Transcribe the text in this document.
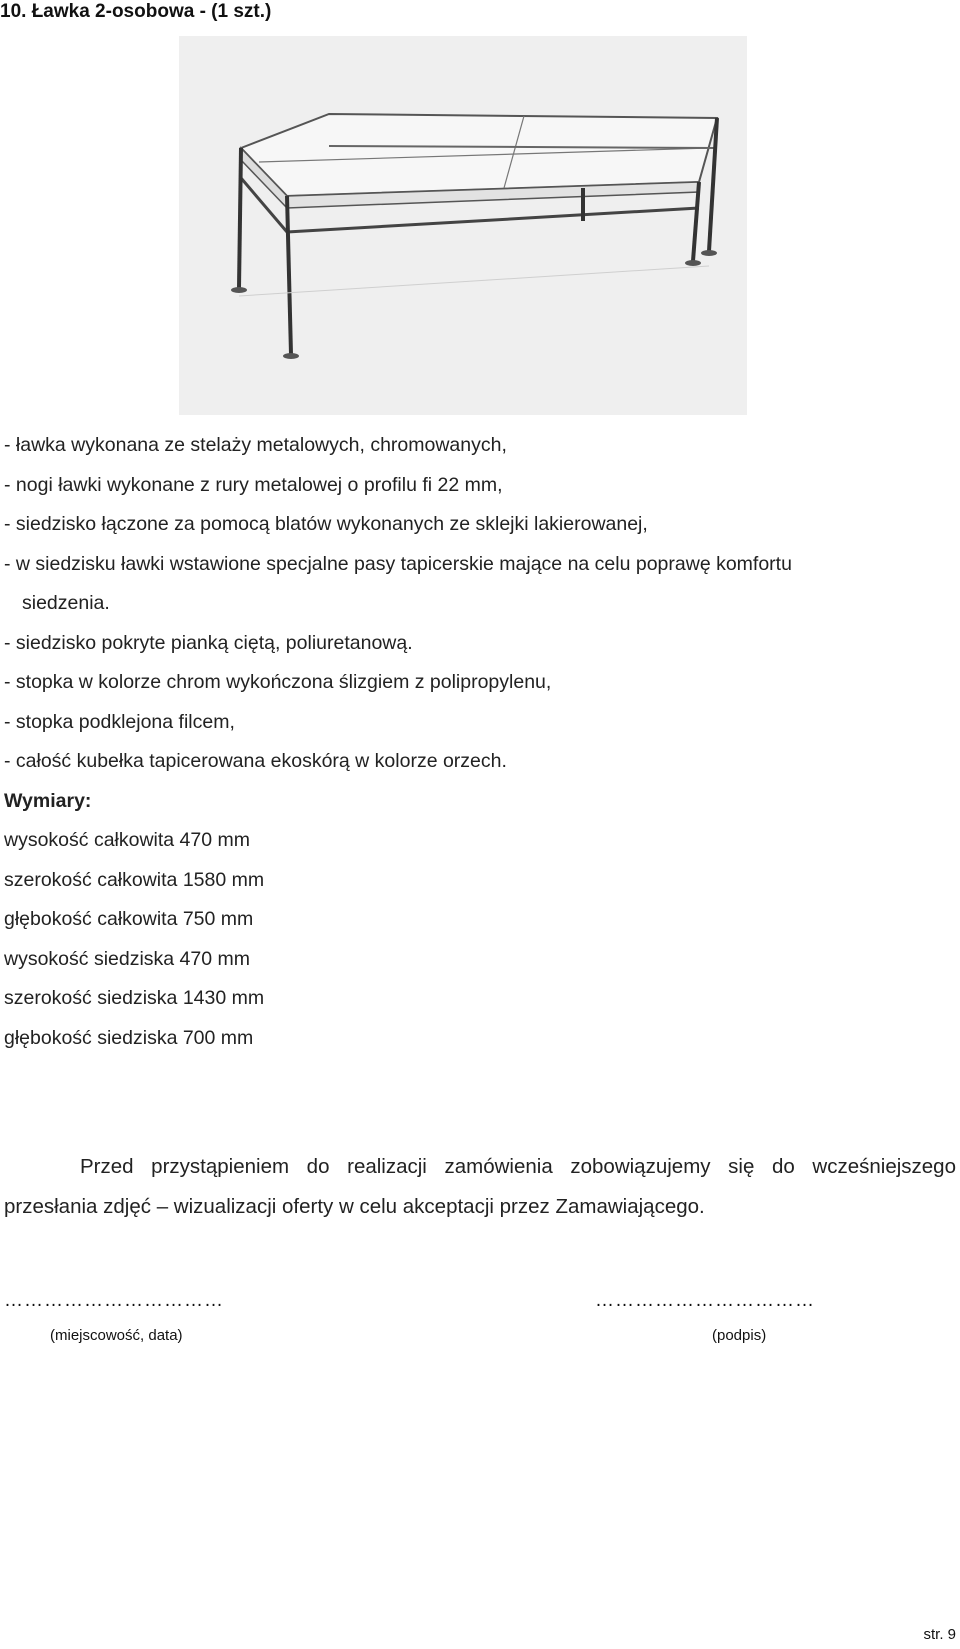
10. Ławka 2-osobowa - (1 szt.)
- ławka wykonana ze stelaży metalowych, chromowanych,
- nogi ławki wykonane z rury metalowej o profilu fi 22 mm,
- siedzisko łączone za pomocą blatów wykonanych ze sklejki lakierowanej,
- w siedzisku ławki wstawione specjalne pasy tapicerskie mające na celu poprawę komfortu
siedzenia.
- siedzisko pokryte pianką ciętą, poliuretanową.
- stopka w kolorze chrom wykończona ślizgiem z polipropylenu,
- stopka podklejona filcem,
- całość kubełka tapicerowana ekoskórą w kolorze orzech.
Wymiary:
wysokość całkowita 470 mm
szerokość całkowita 1580 mm
głębokość całkowita 750 mm
wysokość siedziska 470 mm
szerokość siedziska 1430 mm
głębokość siedziska 700 mm
Przed przystąpieniem do realizacji zamówienia zobowiązujemy się do wcześniejszego przesłania zdjęć – wizualizacji oferty w celu akceptacji przez Zamawiającego.
……………………………
(miejscowość, data)
……………………………
(podpis)
str. 9
